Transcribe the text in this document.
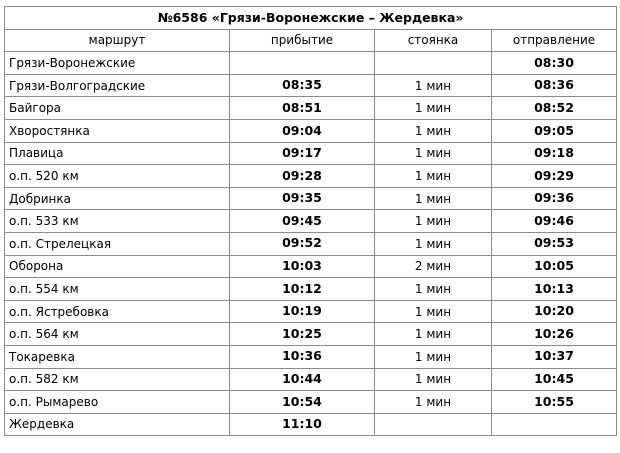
№6586 «Грязи-Воронежские – Жердевка»			
маршрут	прибытие	стоянка	отправление
Грязи-Воронежские			08:30
Грязи-Волгоградские	08:35	1 мин	08:36
Байгора	08:51	1 мин	08:52
Хворостянка	09:04	1 мин	09:05
Плавица	09:17	1 мин	09:18
о.п. 520 км	09:28	1 мин	09:29
Добринка	09:35	1 мин	09:36
о.п. 533 км	09:45	1 мин	09:46
о.п. Стрелецкая	09:52	1 мин	09:53
Оборона	10:03	2 мин	10:05
о.п. 554 км	10:12	1 мин	10:13
о.п. Ястребовка	10:19	1 мин	10:20
о.п. 564 км	10:25	1 мин	10:26
Токаревка	10:36	1 мин	10:37
о.п. 582 км	10:44	1 мин	10:45
о.п. Рымарево	10:54	1 мин	10:55
Жердевка	11:10		
